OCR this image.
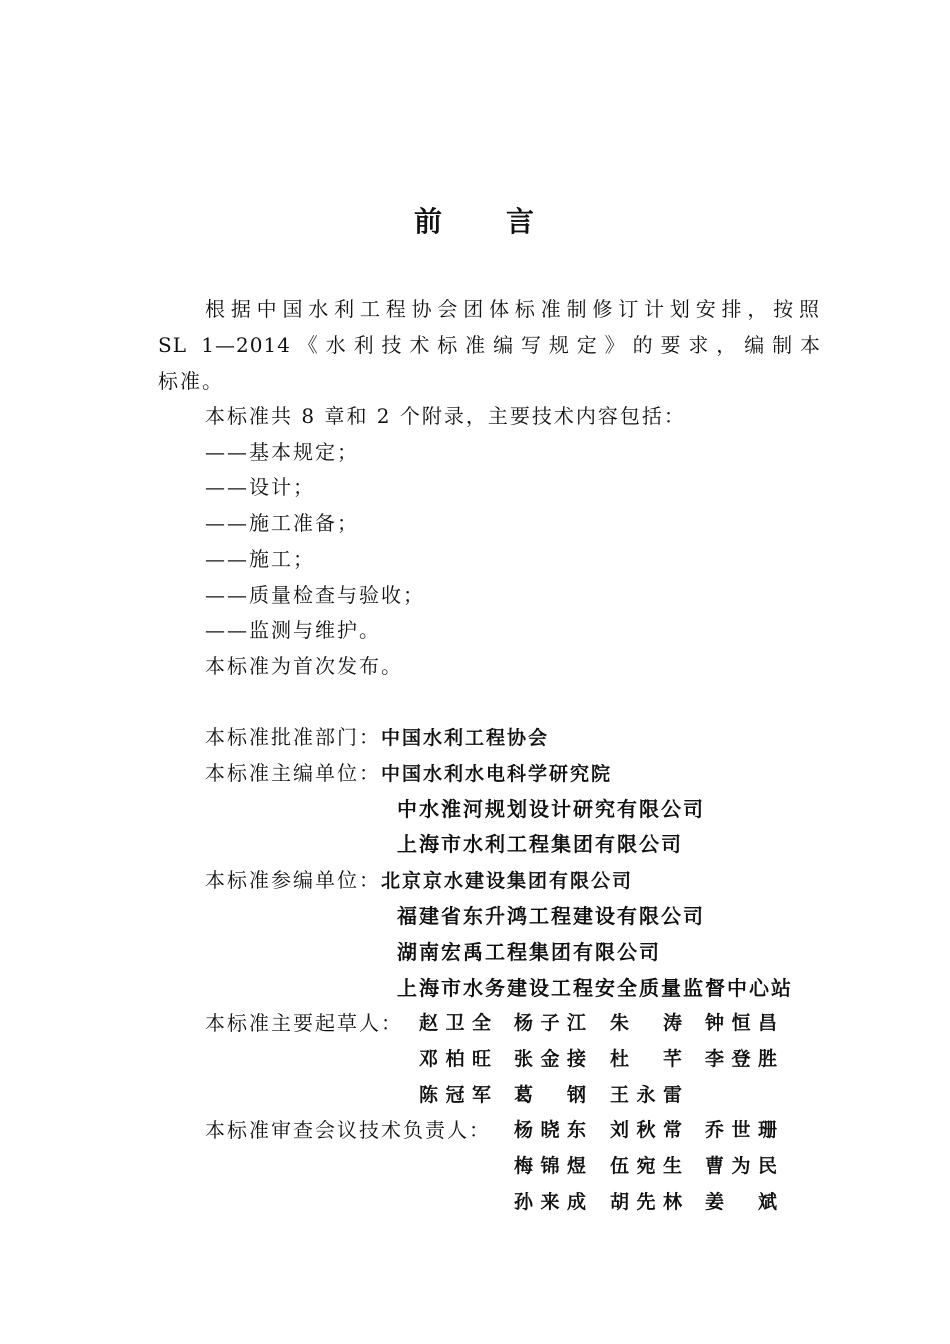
前 言
根据中国水利工程协会团体标准制修订计划安排，按照
SL 1—2014《水利技术标准编写规定》的要求，编制本
标准。
本标准共 8 章和 2 个附录，主要技术内容包括：
——基本规定；
——设计；
——施工准备；
——施工；
——质量检查与验收；
——监测与维护。
本标准为首次发布。
本标准批准部门：中国水利工程协会
本标准主编单位：中国水利水电科学研究院
中水淮河规划设计研究有限公司
上海市水利工程集团有限公司
本标准参编单位：北京京水建设集团有限公司
福建省东升鸿工程建设有限公司
湖南宏禹工程集团有限公司
上海市水务建设工程安全质量监督中心站
本标准主要起草人： 赵卫全 杨子江 朱 涛 钟恒昌
邓柏旺 张金接 杜 芊 李登胜
陈冠军 葛 钢 王永雷
本标准审查会议技术负责人： 杨晓东 刘秋常 乔世珊
梅锦煜 伍宛生 曹为民
孙来成 胡先林 姜 斌
